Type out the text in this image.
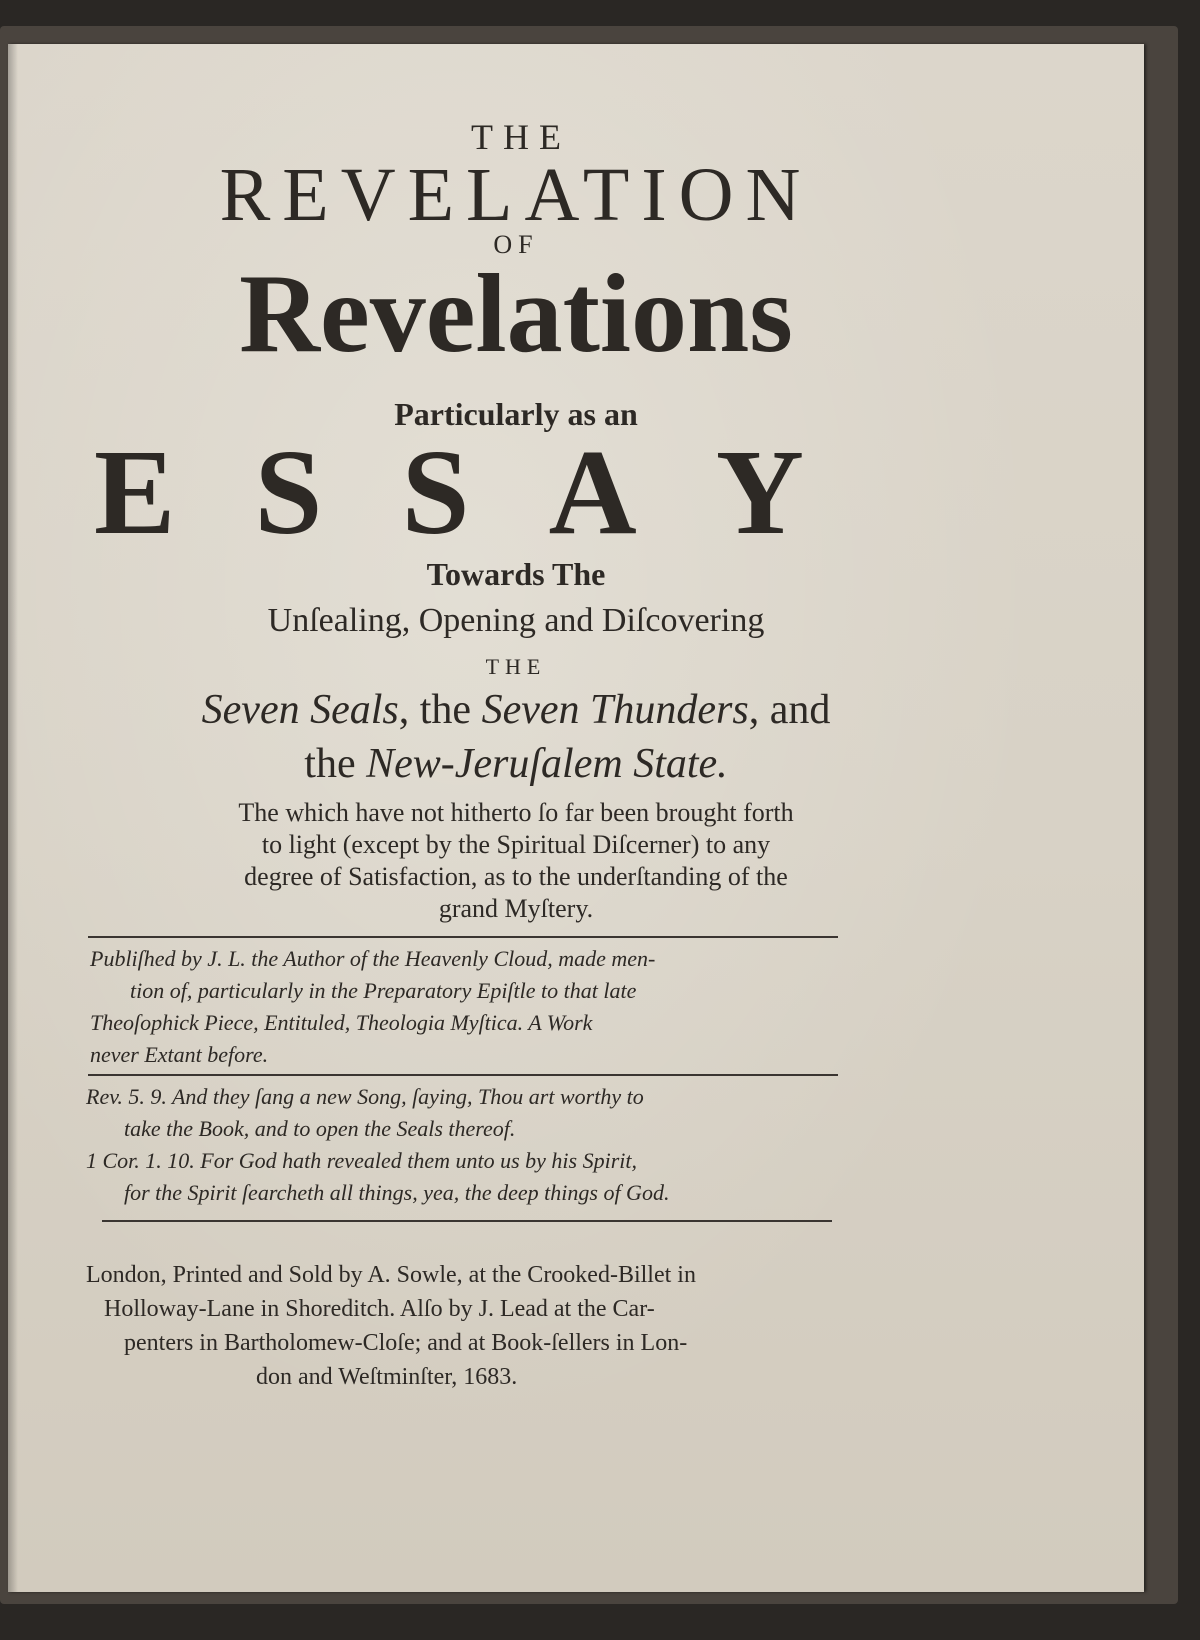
THE
REVELATION
OF
Revelations
Particularly as an
E S S A Y
Towards The
Unſealing, Opening and Diſcovering
THE
Seven Seals, the Seven Thunders, and
the New-Jeruſalem State.
The which have not hitherto ſo far been brought forth
to light (except by the Spiritual Diſcerner) to any
degree of Satisfaction, as to the underſtanding of the
grand Myſtery.
Publiſhed by J. L. the Author of the Heavenly Cloud, made men-
tion of, particularly in the Preparatory Epiſtle to that late
Theoſophick Piece, Entituled, Theologia Myſtica. A Work
never Extant before.
Rev. 5. 9. And they ſang a new Song, ſaying, Thou art worthy to
take the Book, and to open the Seals thereof.
1 Cor. 1. 10. For God hath revealed them unto us by his Spirit,
for the Spirit ſearcheth all things, yea, the deep things of God.
London, Printed and Sold by A. Sowle, at the Crooked-Billet in
Holloway-Lane in Shoreditch. Alſo by J. Lead at the Car-
penters in Bartholomew-Cloſe; and at Book-ſellers in Lon-
don and Weſtminſter, 1683.
